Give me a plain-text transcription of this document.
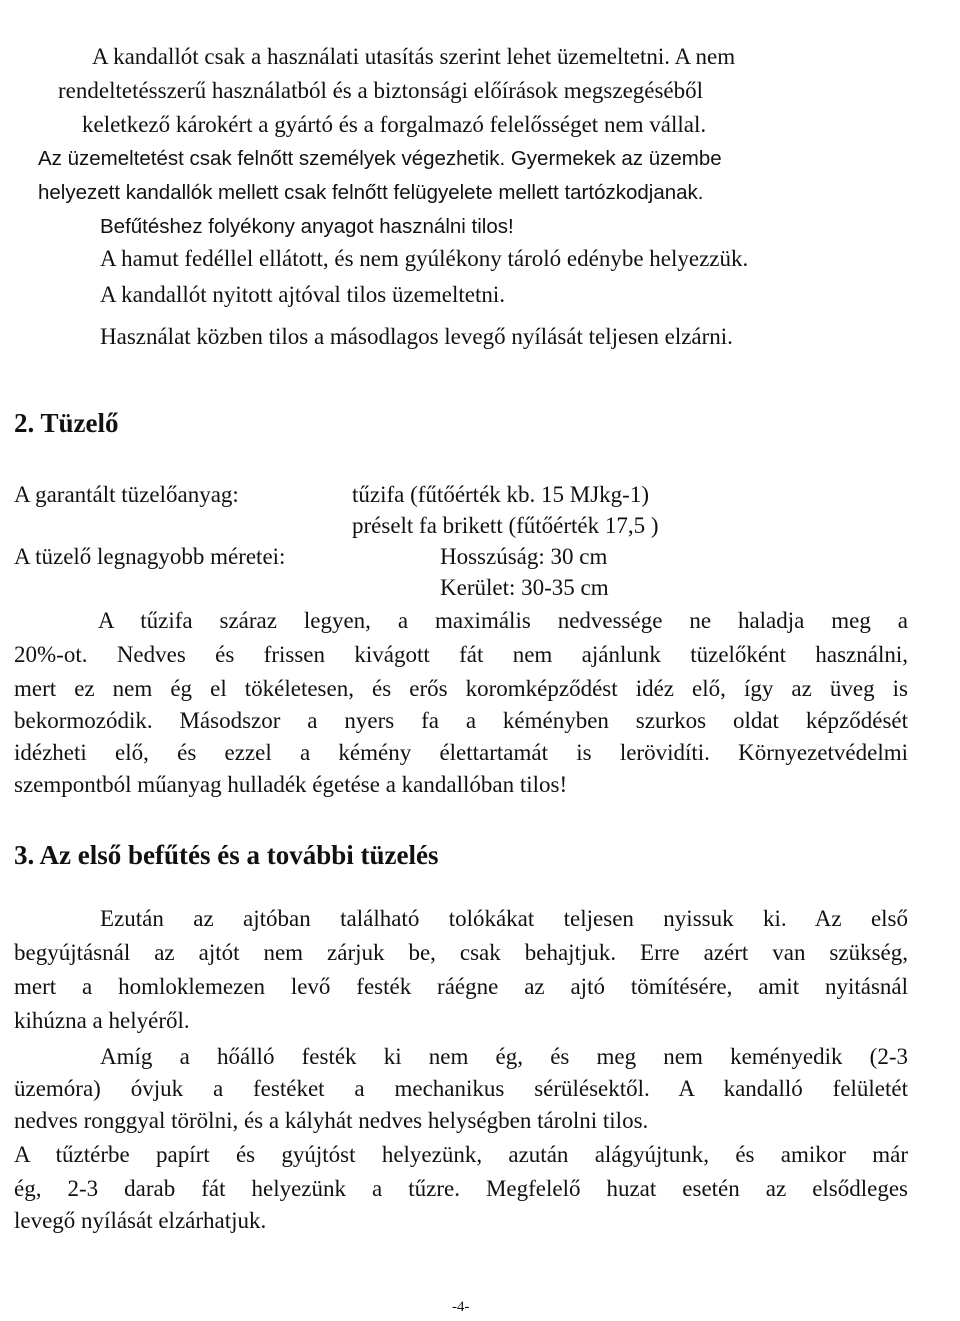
A kandallót csak a használati utasítás szerint lehet üzemeltetni. A nem

rendeltetésszerű használatból és a biztonsági előírások megszegéséből

keletkező károkért a gyártó és a forgalmazó felelősséget nem vállal.

Az üzemeltetést csak felnőtt személyek végezhetik. Gyermekek az üzembe

helyezett kandallók mellett csak felnőtt felügyelete mellett tartózkodjanak.

Befűtéshez folyékony anyagot használni tilos!

A hamut fedéllel ellátott, és nem gyúlékony tároló edénybe helyezzük.

A kandallót nyitott ajtóval tilos üzemeltetni.

Használat közben tilos a másodlagos levegő nyílását teljesen elzárni.

2. Tüzelő

A garantált tüzelőanyag:	tűzifa (fűtőérték kb. 15 MJkg-1)

préselt fa brikett (fűtőérték 17,5 )

A tüzelő legnagyobb méretei:	Hosszúság: 30 cm

Kerület: 30-35 cm

A tűzifa száraz legyen, a maximális nedvessége ne haladja meg a

20%-ot. Nedves és frissen kivágott fát nem ajánlunk tüzelőként használni,

mert ez nem ég el tökéletesen, és erős koromképződést idéz elő, így az üveg is

bekormozódik. Másodszor a nyers fa a kéményben szurkos oldat képződését

idézheti elő, és ezzel a kémény élettartamát is lerövidíti. Környezetvédelmi

szempontból műanyag hulladék égetése a kandallóban tilos!

3. Az első befűtés és a további tüzelés

Ezután az ajtóban található tolókákat teljesen nyissuk ki. Az első

begyújtásnál az ajtót nem zárjuk be, csak behajtjuk. Erre azért van szükség,

mert a homloklemezen levő festék ráégne az ajtó tömítésére, amit nyitásnál

kihúzna a helyéről.

Amíg a hőálló festék ki nem ég, és meg nem keményedik (2-3

üzemóra) óvjuk a festéket a mechanikus sérülésektől. A kandalló felületét

nedves ronggyal törölni, és a kályhát nedves helységben tárolni tilos.

A tűztérbe papírt és gyújtóst helyezünk, azután alágyújtunk, és amikor már

ég, 2-3 darab fát helyezünk a tűzre. Megfelelő huzat esetén az elsődleges

levegő nyílását elzárhatjuk.

-4-
